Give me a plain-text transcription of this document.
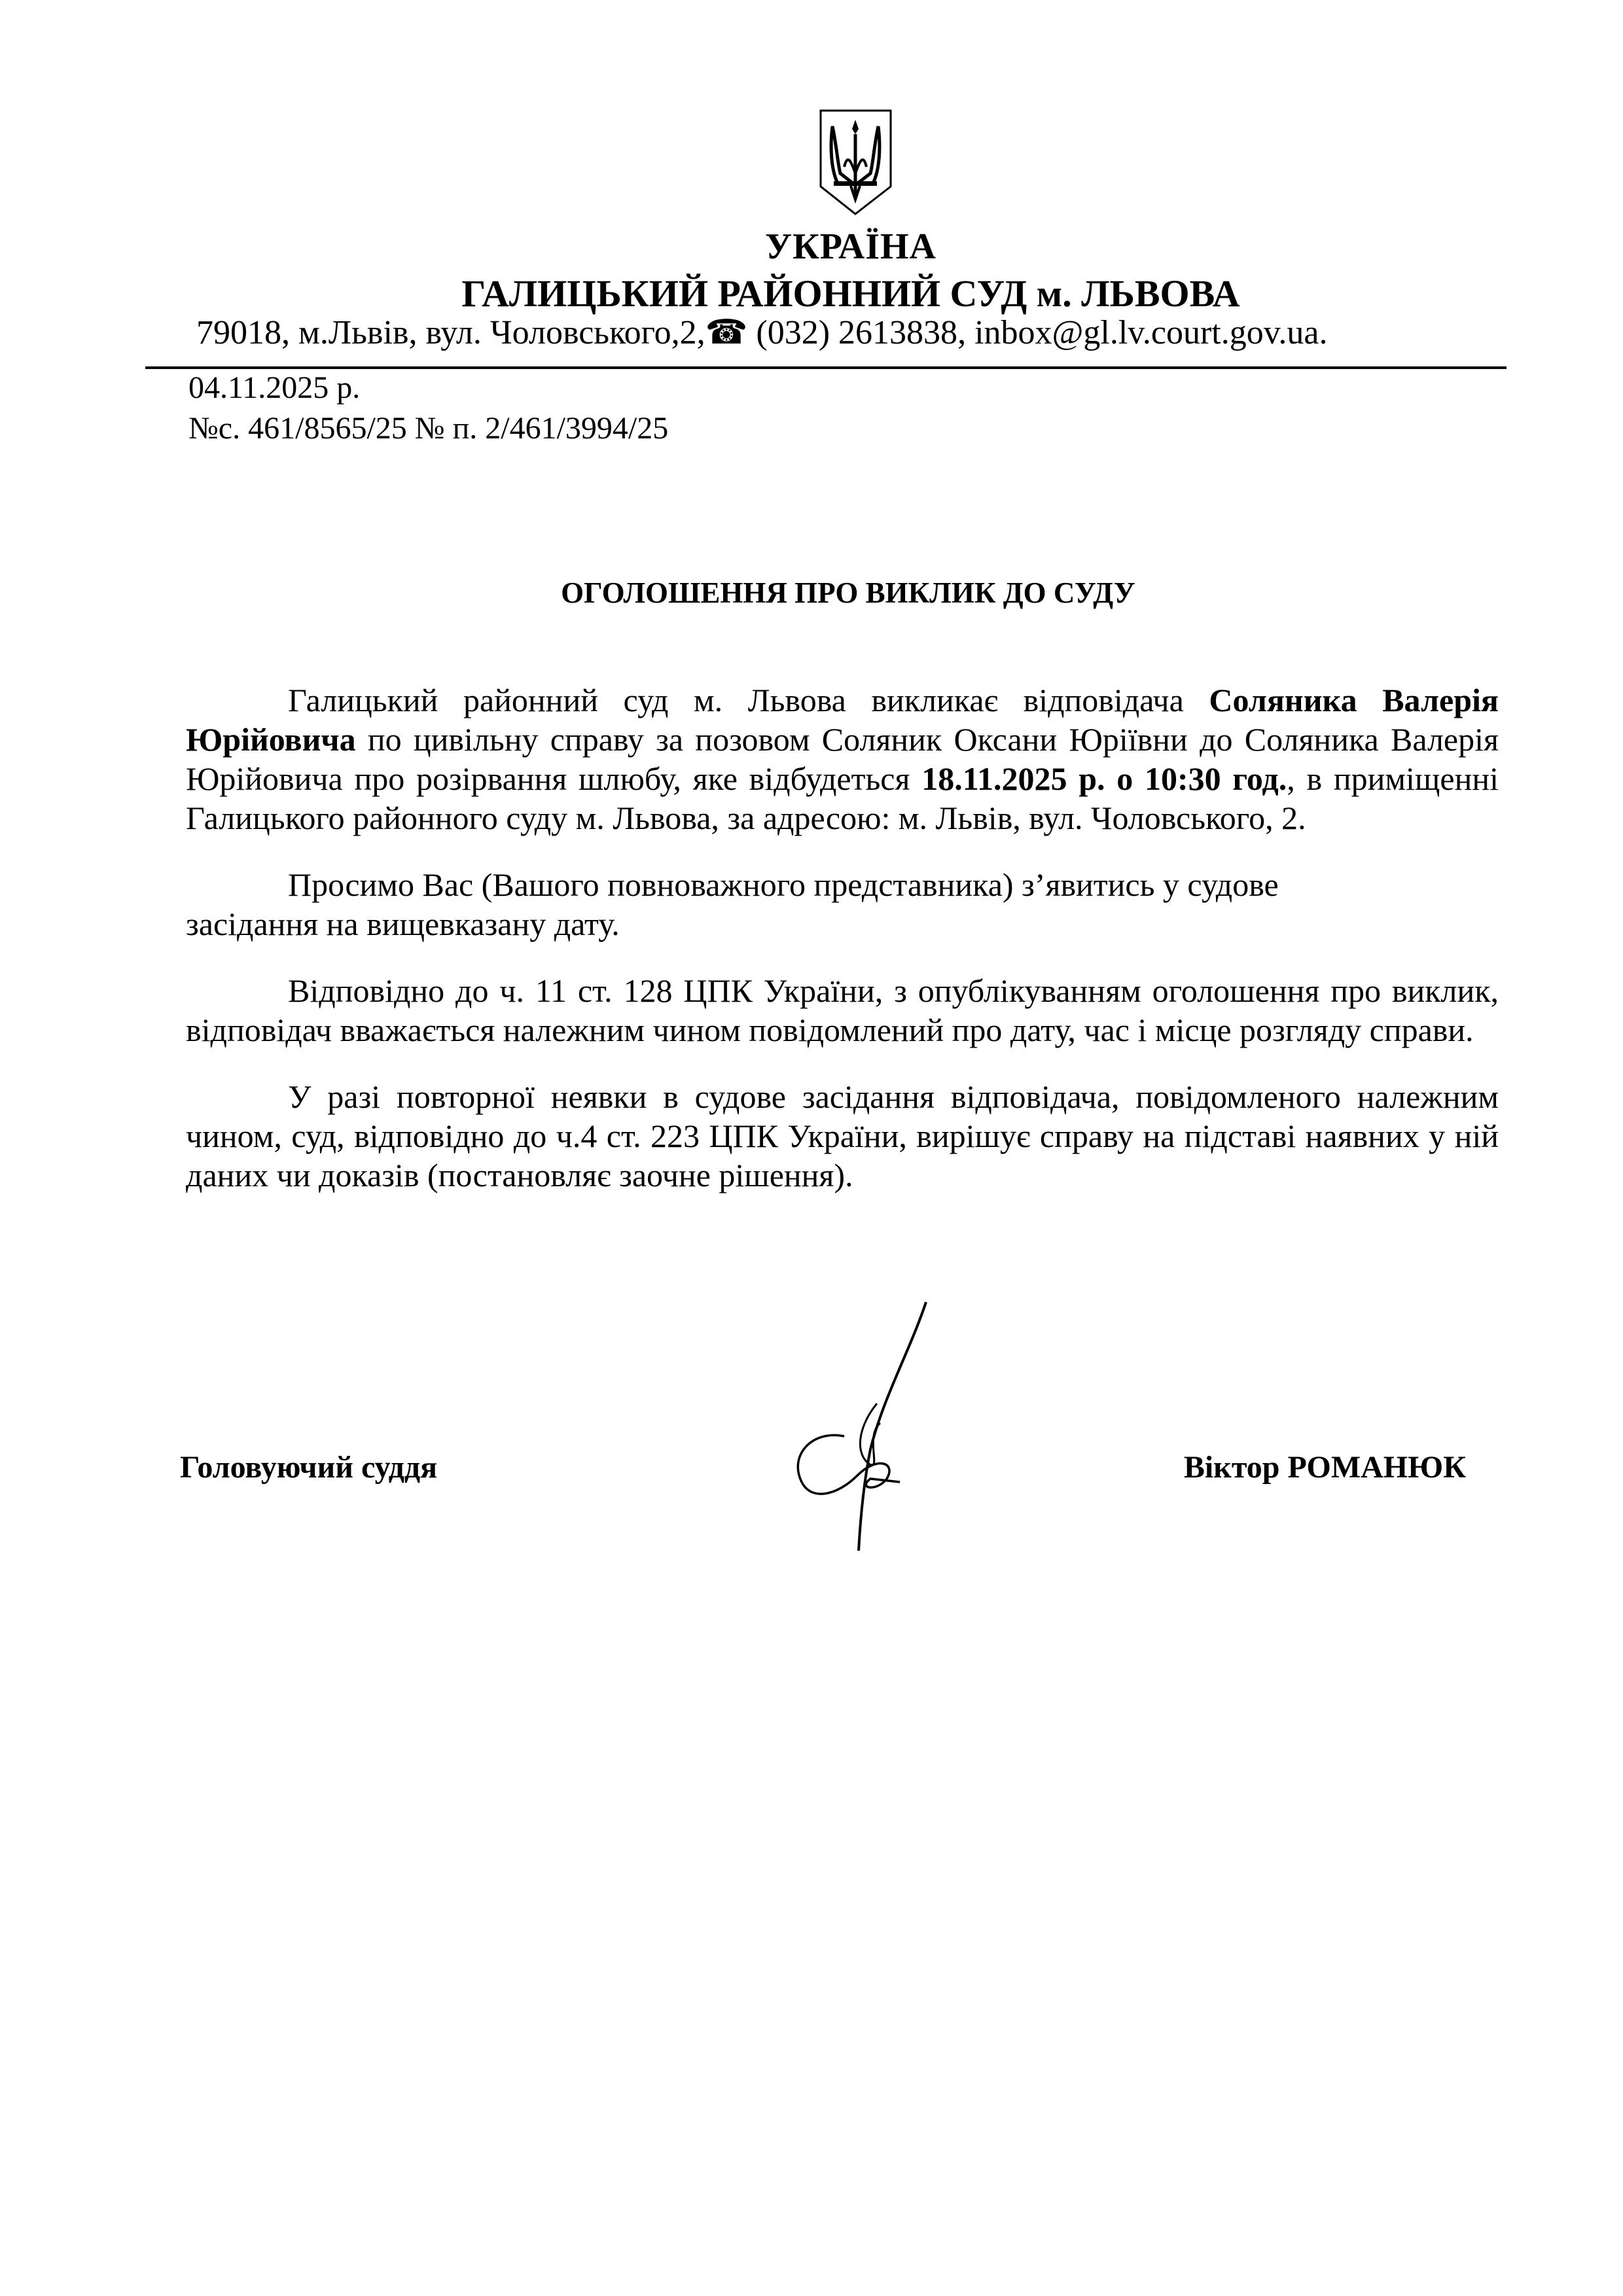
УКРАЇНА
ГАЛИЦЬКИЙ РАЙОННИЙ СУД м. ЛЬВОВА
79018, м.Львів, вул. Чоловського,2,☎ (032) 2613838, inbox@gl.lv.court.gov.ua.
04.11.2025 р.
№с. 461/8565/25 № п. 2/461/3994/25
ОГОЛОШЕННЯ ПРО ВИКЛИК ДО СУДУ

Галицький районний суд м. Львова викликає відповідача Соляника Валерія Юрійовича по цивільну справу за позовом Соляник Оксани Юріївни до Соляника Валерія Юрійовича про розірвання шлюбу, яке відбудеться 18.11.2025 р. о 10:30 год., в приміщенні Галицького районного суду м. Львова, за адресою: м. Львів, вул. Чоловського, 2.

Просимо Вас (Вашого повноважного представника) з’явитись у судове
засідання на вищевказану дату.

Відповідно до ч. 11 ст. 128 ЦПК України, з опублікуванням оголошення про виклик, відповідач вважається належним чином повідомлений про дату, час і місце розгляду справи.

У разі повторної неявки в судове засідання відповідача, повідомленого належним чином, суд, відповідно до ч.4 ст. 223 ЦПК України, вирішує справу на підставі наявних у ній даних чи доказів (постановляє заочне рішення).

Головуючий суддя	Віктор РОМАНЮК
